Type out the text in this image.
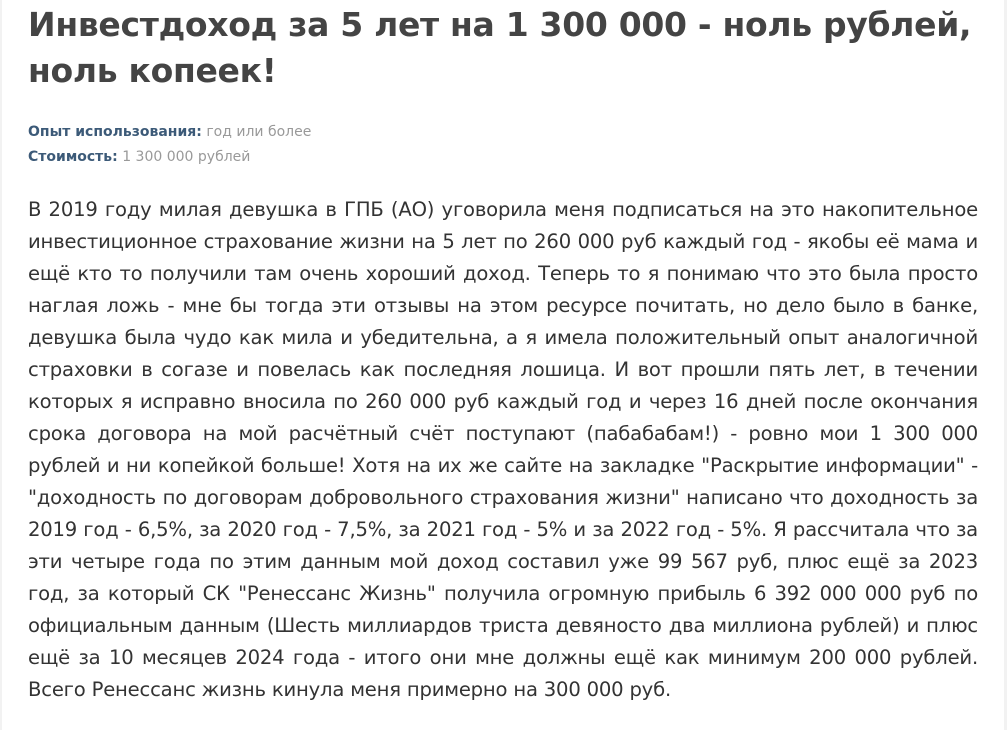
Инвестдоход за 5 лет на 1 300 000 - ноль рублей, ноль копеек!
Опыт использования: год или более
Стоимость: 1 300 000 рублей

В 2019 году милая девушка в ГПБ (АО) уговорила меня подписаться на это накопительное инвестиционное страхование жизни на 5 лет по 260 000 руб каждый год - якобы её мама и ещё кто то получили там очень хороший доход. Теперь то я понимаю что это была просто наглая ложь - мне бы тогда эти отзывы на этом ресурсе почитать, но дело было в банке, девушка была чудо как мила и убедительна, а я имела положительный опыт аналогичной страховки в согазе и повелась как последняя лошица. И вот прошли пять лет, в течении которых я исправно вносила по 260 000 руб каждый год и через 16 дней после окончания срока договора на мой расчётный счёт поступают (пабабабам!) - ровно мои 1 300 000 рублей и ни копейкой больше! Хотя на их же сайте на закладке "Раскрытие информации" - "доходность по договорам добровольного страхования жизни" написано что доходность за 2019 год - 6,5%, за 2020 год - 7,5%, за 2021 год - 5% и за 2022 год - 5%. Я рассчитала что за эти четыре года по этим данным мой доход составил уже 99 567 руб, плюс ещё за 2023 год, за который СК "Ренессанс Жизнь" получила огромную прибыль 6 392 000 000 руб по официальным данным (Шесть миллиардов триста девяносто два миллиона рублей) и плюс ещё за 10 месяцев 2024 года - итого они мне должны ещё как минимум 200 000 рублей. Всего Ренессанс жизнь кинула меня примерно на 300 000 руб.
